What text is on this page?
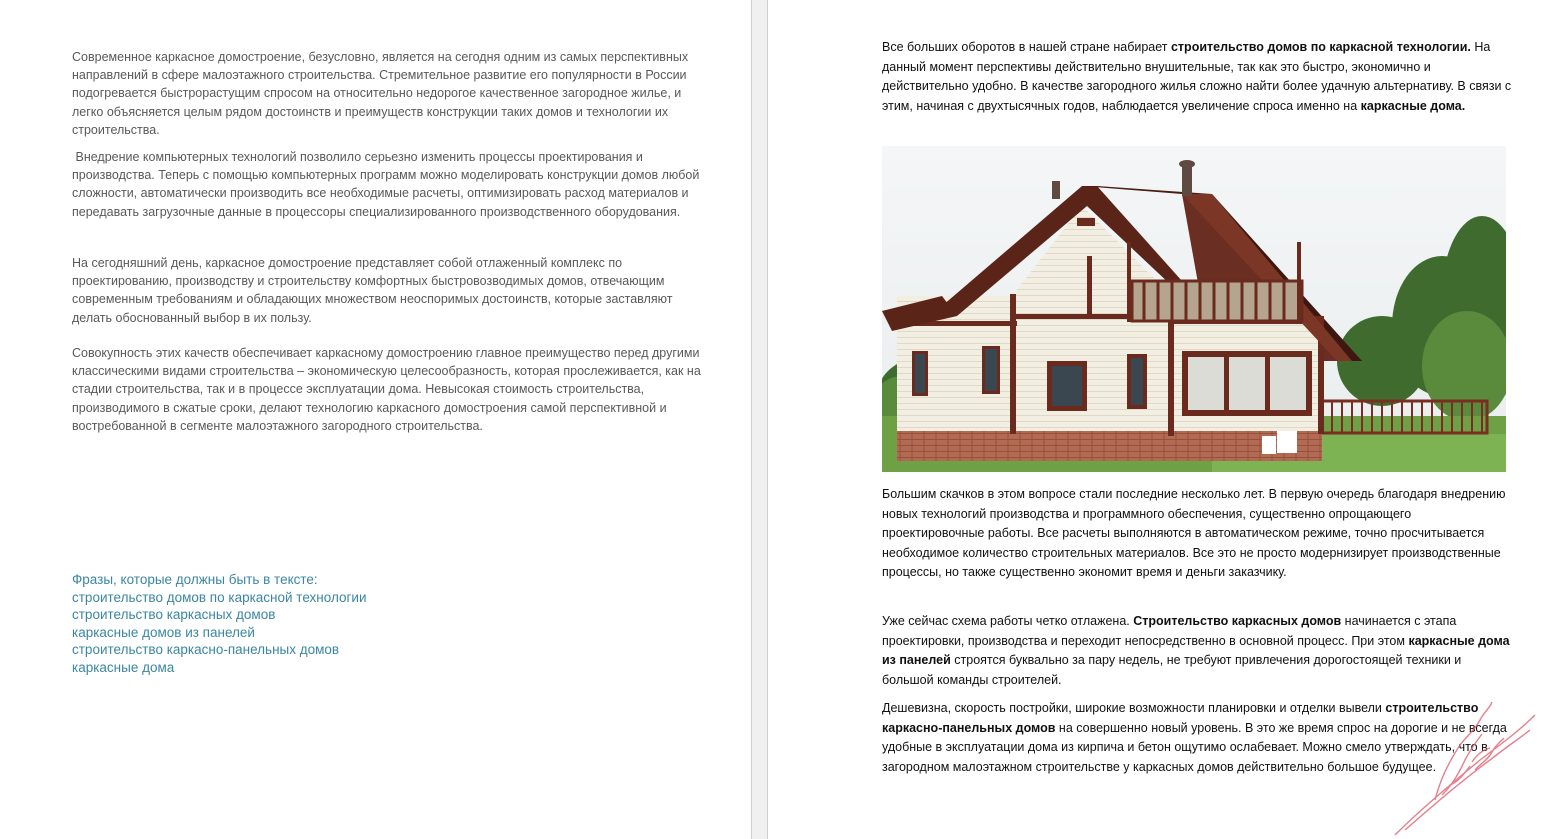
Современное каркасное домостроение, безусловно, является на сегодня одним из самых перспективных направлений в сфере малоэтажного строительства. Стремительное развитие его популярности в России подогревается быстрорастущим спросом на относительно недорогое качественное загородное жилье, и легко объясняется целым рядом достоинств и преимуществ конструкции таких домов и технологии их строительства.

Внедрение компьютерных технологий позволило серьезно изменить процессы проектирования и производства. Теперь с помощью компьютерных программ можно моделировать конструкции домов любой сложности, автоматически производить все необходимые расчеты, оптимизировать расход материалов и передавать загрузочные данные в процессоры специализированного производственного оборудования.

На сегодняшний день, каркасное домостроение представляет собой отлаженный комплекс по проектированию, производству и строительству комфортных быстровозводимых домов, отвечающим современным требованиям и обладающих множеством неоспоримых достоинств, которые заставляют делать обоснованный выбор в их пользу.

Совокупность этих качеств обеспечивает каркасному домостроению главное преимущество перед другими классическими видами строительства – экономическую целесообразность, которая прослеживается, как на стадии строительства, так и в процессе эксплуатации дома. Невысокая стоимость строительства, производимого в сжатые сроки, делают технологию каркасного домостроения самой перспективной и востребованной в сегменте малоэтажного загородного строительства.

Фразы, которые должны быть в тексте:
строительство домов по каркасной технологии
строительство каркасных домов
каркасные домов из панелей
строительство каркасно-панельных домов
каркасные дома

Все больших оборотов в нашей стране набирает строительство домов по каркасной технологии. На данный момент перспективы действительно внушительные, так как это быстро, экономично и действительно удобно. В качестве загородного жилья сложно найти более удачную альтернативу. В связи с этим, начиная с двухтысячных годов, наблюдается увеличение спроса именно на каркасные дома.

Большим скачков в этом вопросе стали последние несколько лет. В первую очередь благодаря внедрению новых технологий производства и программного обеспечения, существенно опрощающего проектировочные работы. Все расчеты выполняются в автоматическом режиме, точно просчитывается необходимое количество строительных материалов. Все это не просто модернизирует производственные процессы, но также существенно экономит время и деньги заказчику.

Уже сейчас схема работы четко отлажена. Строительство каркасных домов начинается с этапа проектировки, производства и переходит непосредственно в основной процесс. При этом каркасные дома из панелей строятся буквально за пару недель, не требуют привлечения дорогостоящей техники и большой команды строителей.

Дешевизна, скорость постройки, широкие возможности планировки и отделки вывели строительство каркасно-панельных домов на совершенно новый уровень. В это же время спрос на дорогие и не всегда удобные в эксплуатации дома из кирпича и бетон ощутимо ослабевает. Можно смело утверждать, что в загородном малоэтажном строительстве у каркасных домов действительно большое будущее.
